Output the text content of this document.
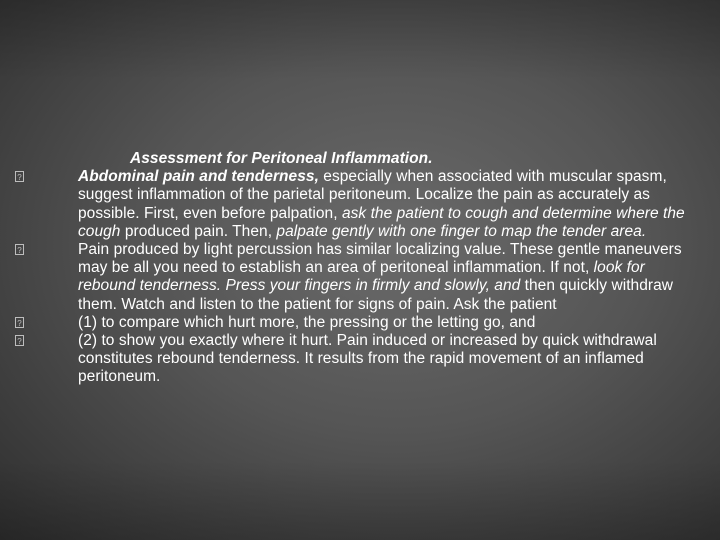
Assessment for Peritoneal Inflammation.

?	Abdominal pain and tenderness, especially when associated with muscular spasm, suggest inflammation of the parietal peritoneum. Localize the pain as accurately as possible. First, even before palpation, ask the patient to cough and determine where the cough produced pain. Then, palpate gently with one finger to map the tender area.

?	Pain produced by light percussion has similar localizing value. These gentle maneuvers may be all you need to establish an area of peritoneal inflammation. If not, look for rebound tenderness. Press your fingers in firmly and slowly, and then quickly withdraw them. Watch and listen to the patient for signs of pain. Ask the patient

?	(1) to compare which hurt more, the pressing or the letting go, and

?	(2) to show you exactly where it hurt. Pain induced or increased by quick withdrawal constitutes rebound tenderness. It results from the rapid movement of an inflamed peritoneum.
